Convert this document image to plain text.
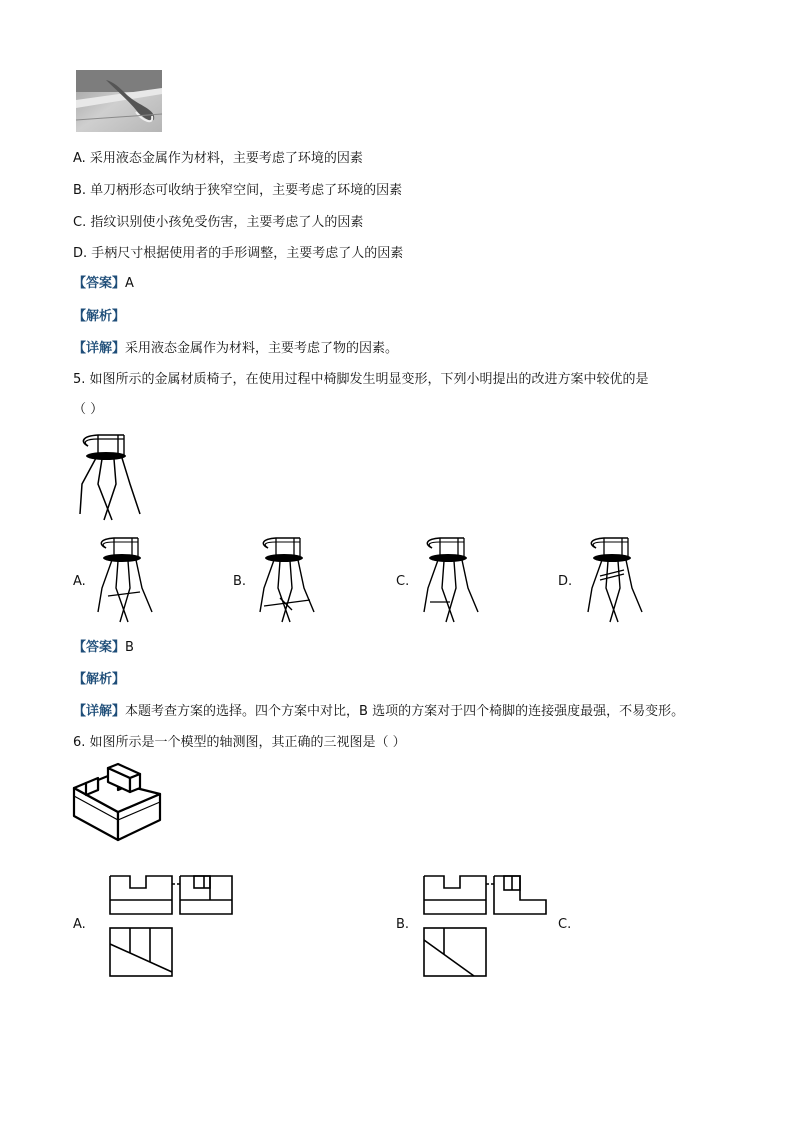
A. 采用液态金属作为材料，主要考虑了环境的因素
B. 单刀柄形态可收纳于狭窄空间，主要考虑了环境的因素
C. 指纹识别使小孩免受伤害，主要考虑了人的因素
D. 手柄尺寸根据使用者的手形调整，主要考虑了人的因素
【答案】A
【解析】
【详解】采用液态金属作为材料，主要考虑了物的因素。
5. 如图所示的金属材质椅子，在使用过程中椅脚发生明显变形，下列小明提出的改进方案中较优的是
（ ）
A.	B.	C.	D.
【答案】B
【解析】
【详解】本题考查方案的选择。四个方案中对比，B 选项的方案对于四个椅脚的连接强度最强，不易变形。
6. 如图所示是一个模型的轴测图，其正确的三视图是（ ）
A.	B.	C.
